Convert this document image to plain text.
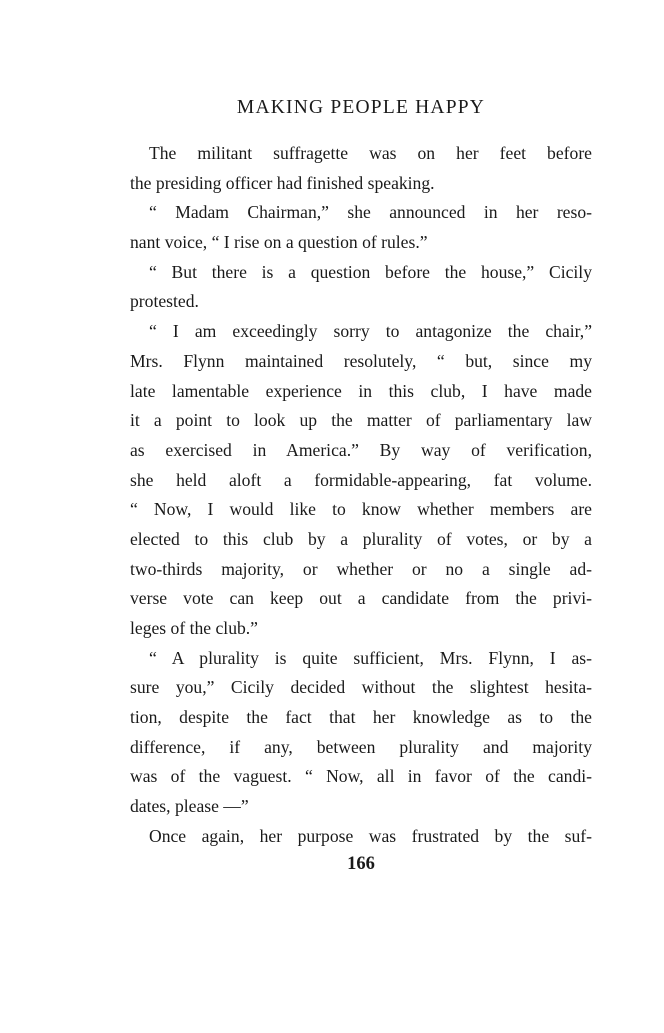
MAKING PEOPLE HAPPY
The militant suffragette was on her feet before
the presiding officer had finished speaking.
“ Madam Chairman,” she announced in her reso-
nant voice, “ I rise on a question of rules.”
“ But there is a question before the house,” Cicily
protested.
“ I am exceedingly sorry to antagonize the chair,”
Mrs. Flynn maintained resolutely, “ but, since my
late lamentable experience in this club, I have made
it a point to look up the matter of parliamentary law
as exercised in America.” By way of verification,
she held aloft a formidable-appearing, fat volume.
“ Now, I would like to know whether members are
elected to this club by a plurality of votes, or by a
two-thirds majority, or whether or no a single ad-
verse vote can keep out a candidate from the privi-
leges of the club.”
“ A plurality is quite sufficient, Mrs. Flynn, I as-
sure you,” Cicily decided without the slightest hesita-
tion, despite the fact that her knowledge as to the
difference, if any, between plurality and majority
was of the vaguest. “ Now, all in favor of the candi-
dates, please —”
Once again, her purpose was frustrated by the suf-
166
